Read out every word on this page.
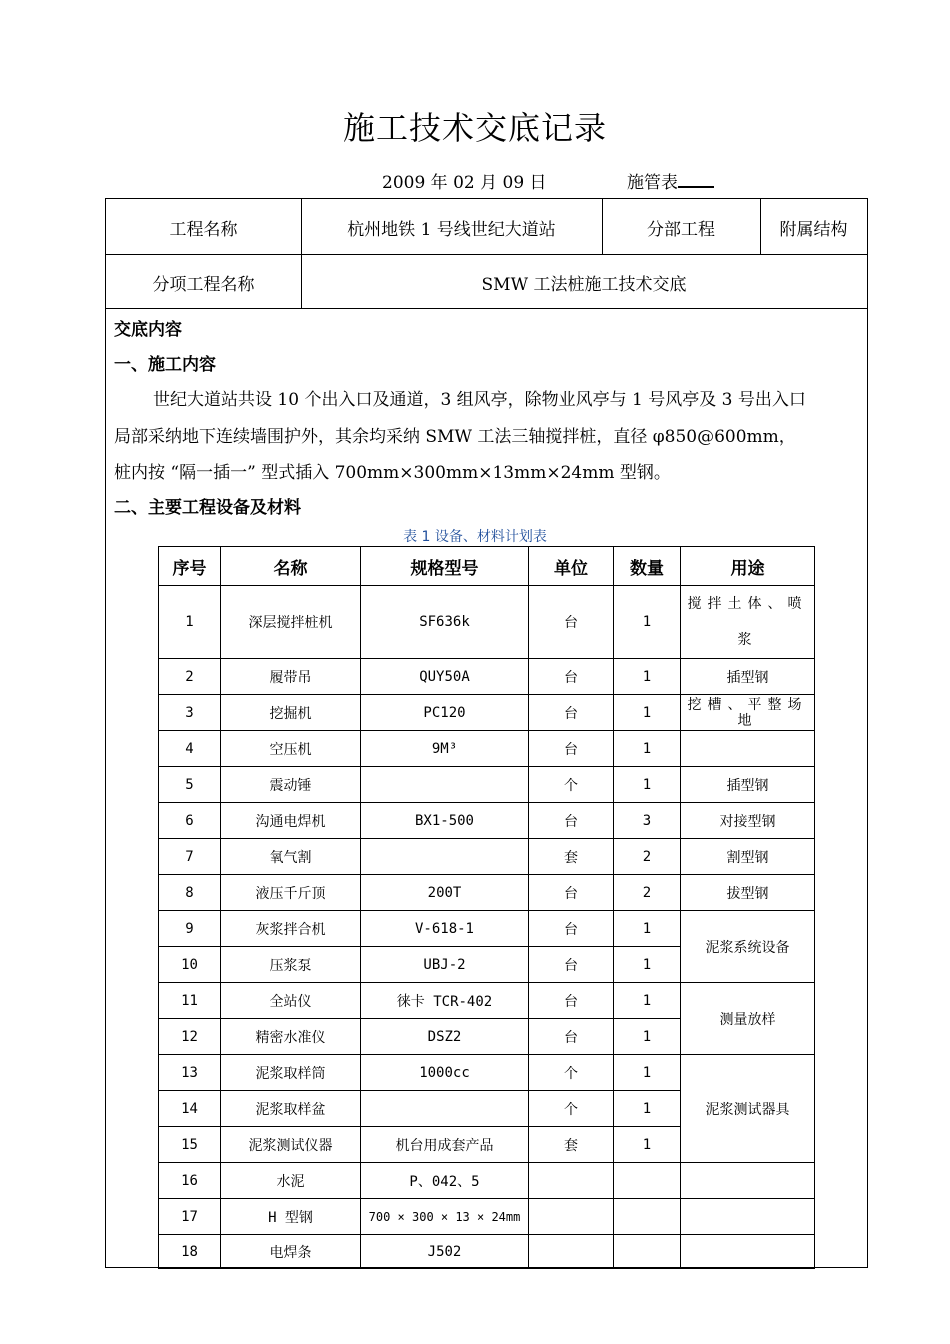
施工技术交底记录
2009 年 02 月 09 日	施管表
工程名称	杭州地铁 1 号线世纪大道站	分部工程	附属结构
分项工程名称	SMW 工法桩施工技术交底
交底内容
一、施工内容
世纪大道站共设 10 个出入口及通道，3 组风亭，除物业风亭与 1 号风亭及 3 号出入口
局部采纳地下连续墙围护外，其余均采纳 SMW 工法三轴搅拌桩，直径 φ850@600mm，
桩内按 “隔一插一” 型式插入 700mm×300mm×13mm×24mm 型钢。
二、主要工程设备及材料
表 1 设备、材料计划表
序号	名称	规格型号	单位	数量	用途
1	深层搅拌桩机	SF636k	台	1	搅拌土体、喷浆
2	履带吊	QUY50A	台	1	插型钢
3	挖掘机	PC120	台	1	挖槽、平整场地
4	空压机	9M³	台	1	
5	震动锤		个	1	插型钢
6	沟通电焊机	BX1-500	台	3	对接型钢
7	氧气割		套	2	割型钢
8	液压千斤顶	200T	台	2	拔型钢
9	灰浆拌合机	V-618-1	台	1	泥浆系统设备
10	压浆泵	UBJ-2	台	1	
11	全站仪	徕卡 TCR-402	台	1	测量放样
12	精密水准仪	DSZ2	台	1	
13	泥浆取样筒	1000cc	个	1	泥浆测试器具
14	泥浆取样盆		个	1	
15	泥浆测试仪器	机台用成套产品	套	1	
16	水泥	P、042、5			
17	H 型钢	700 × 300 × 13 × 24mm			
18	电焊条	J502			
